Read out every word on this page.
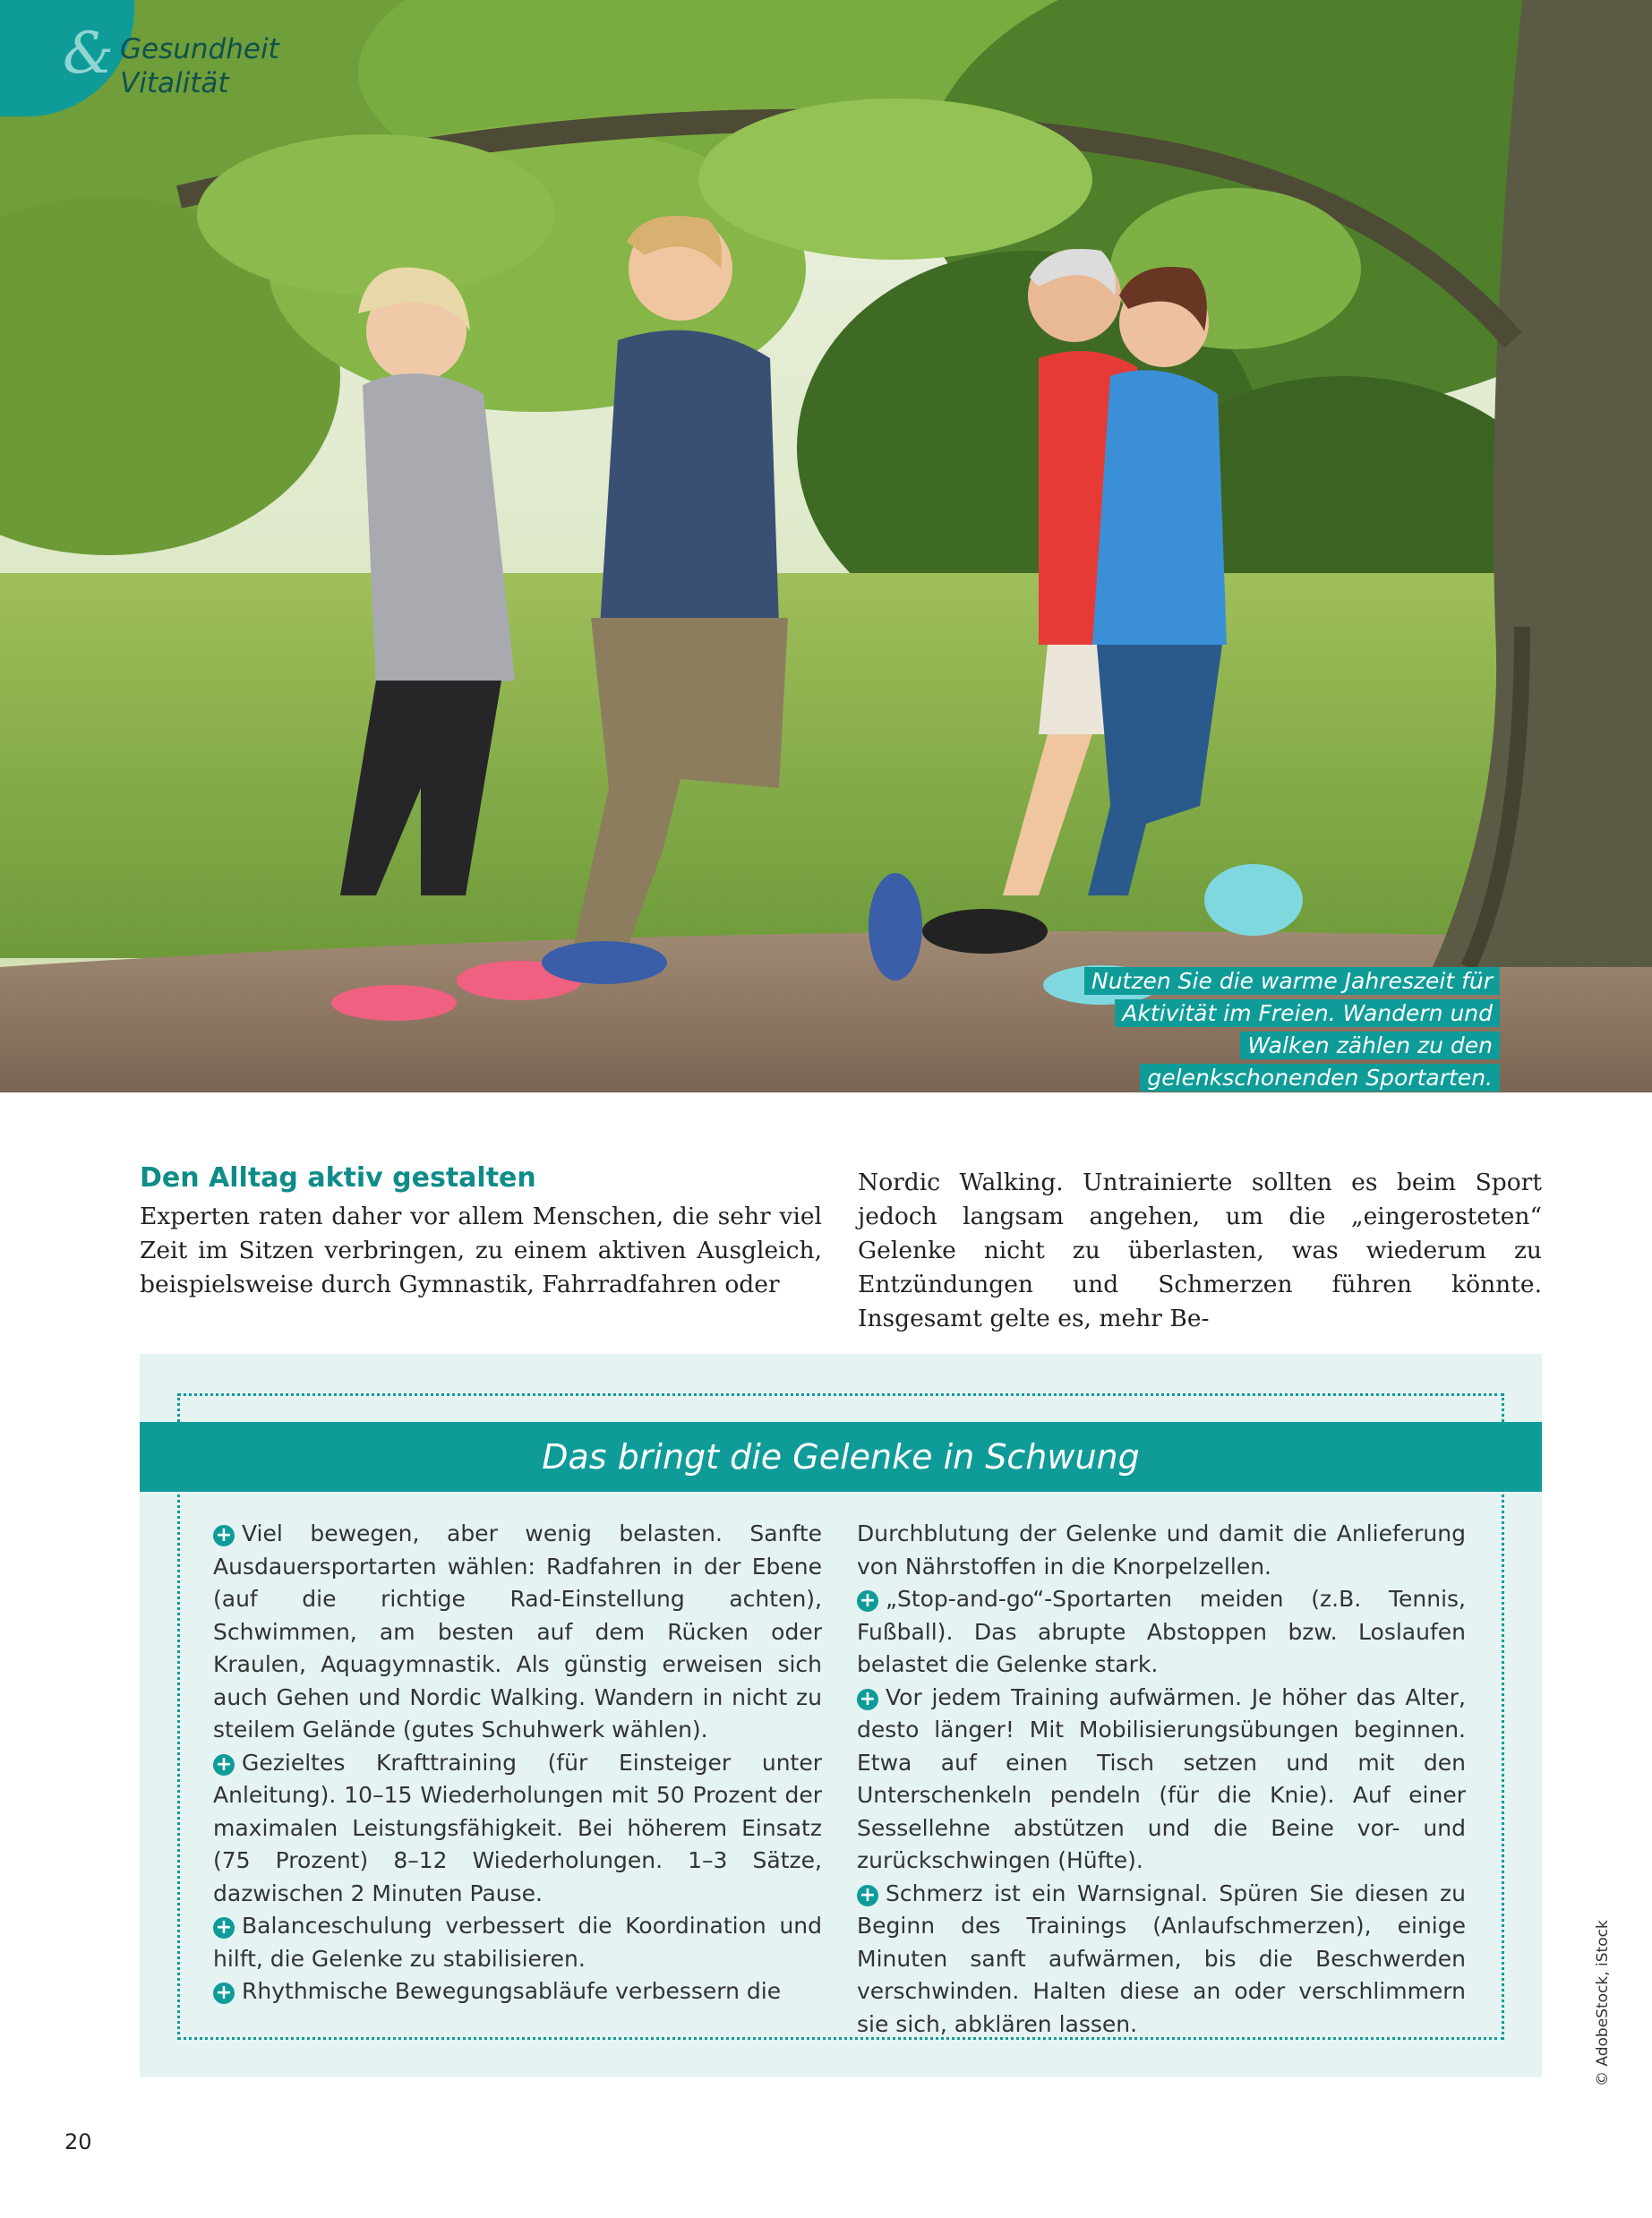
& Gesundheit
Vitalität
Nutzen Sie die warme Jahreszeit für
Aktivität im Freien. Wandern und
Walken zählen zu den
gelenkschonenden Sportarten.
Den Alltag aktiv gestalten
Experten raten daher vor allem Menschen, die sehr viel Zeit im Sitzen verbringen, zu einem aktiven Ausgleich, beispielsweise durch Gymnastik, Fahrradfahren oder
Nordic Walking. Untrainierte sollten es beim Sport jedoch langsam angehen, um die „eingerosteten“ Gelenke nicht zu überlasten, was wiederum zu Entzündungen und Schmerzen führen könnte. Insgesamt gelte es, mehr Be-
Das bringt die Gelenke in Schwung

+ Viel bewegen, aber wenig belasten. Sanfte Ausdauersportarten wählen: Radfahren in der Ebene (auf die richtige Rad-Einstellung achten), Schwimmen, am besten auf dem Rücken oder Kraulen, Aquagymnastik. Als günstig erweisen sich auch Gehen und Nordic Walking. Wandern in nicht zu steilem Gelände (gutes Schuhwerk wählen).

+ Gezieltes Krafttraining (für Einsteiger unter Anleitung). 10–15 Wiederholungen mit 50 Prozent der maximalen Leistungsfähigkeit. Bei höherem Einsatz (75 Prozent) 8–12 Wiederholungen. 1–3 Sätze, dazwischen 2 Minuten Pause.

+ Balanceschulung verbessert die Koordination und hilft, die Gelenke zu stabilisieren.

+ Rhythmische Bewegungsabläufe verbessern die

Durchblutung der Gelenke und damit die Anlieferung von Nährstoffen in die Knorpelzellen.

+ „Stop-and-go“-Sportarten meiden (z.B. Tennis, Fußball). Das abrupte Abstoppen bzw. Loslaufen belastet die Gelenke stark.

+ Vor jedem Training aufwärmen. Je höher das Alter, desto länger! Mit Mobilisierungsübungen beginnen. Etwa auf einen Tisch setzen und mit den Unterschenkeln pendeln (für die Knie). Auf einer Sessellehne abstützen und die Beine vor- und zurückschwingen (Hüfte).

+ Schmerz ist ein Warnsignal. Spüren Sie diesen zu Beginn des Trainings (Anlaufschmerzen), einige Minuten sanft aufwärmen, bis die Beschwerden verschwinden. Halten diese an oder verschlimmern sie sich, abklären lassen.	© AdobeStock, iStock
20
